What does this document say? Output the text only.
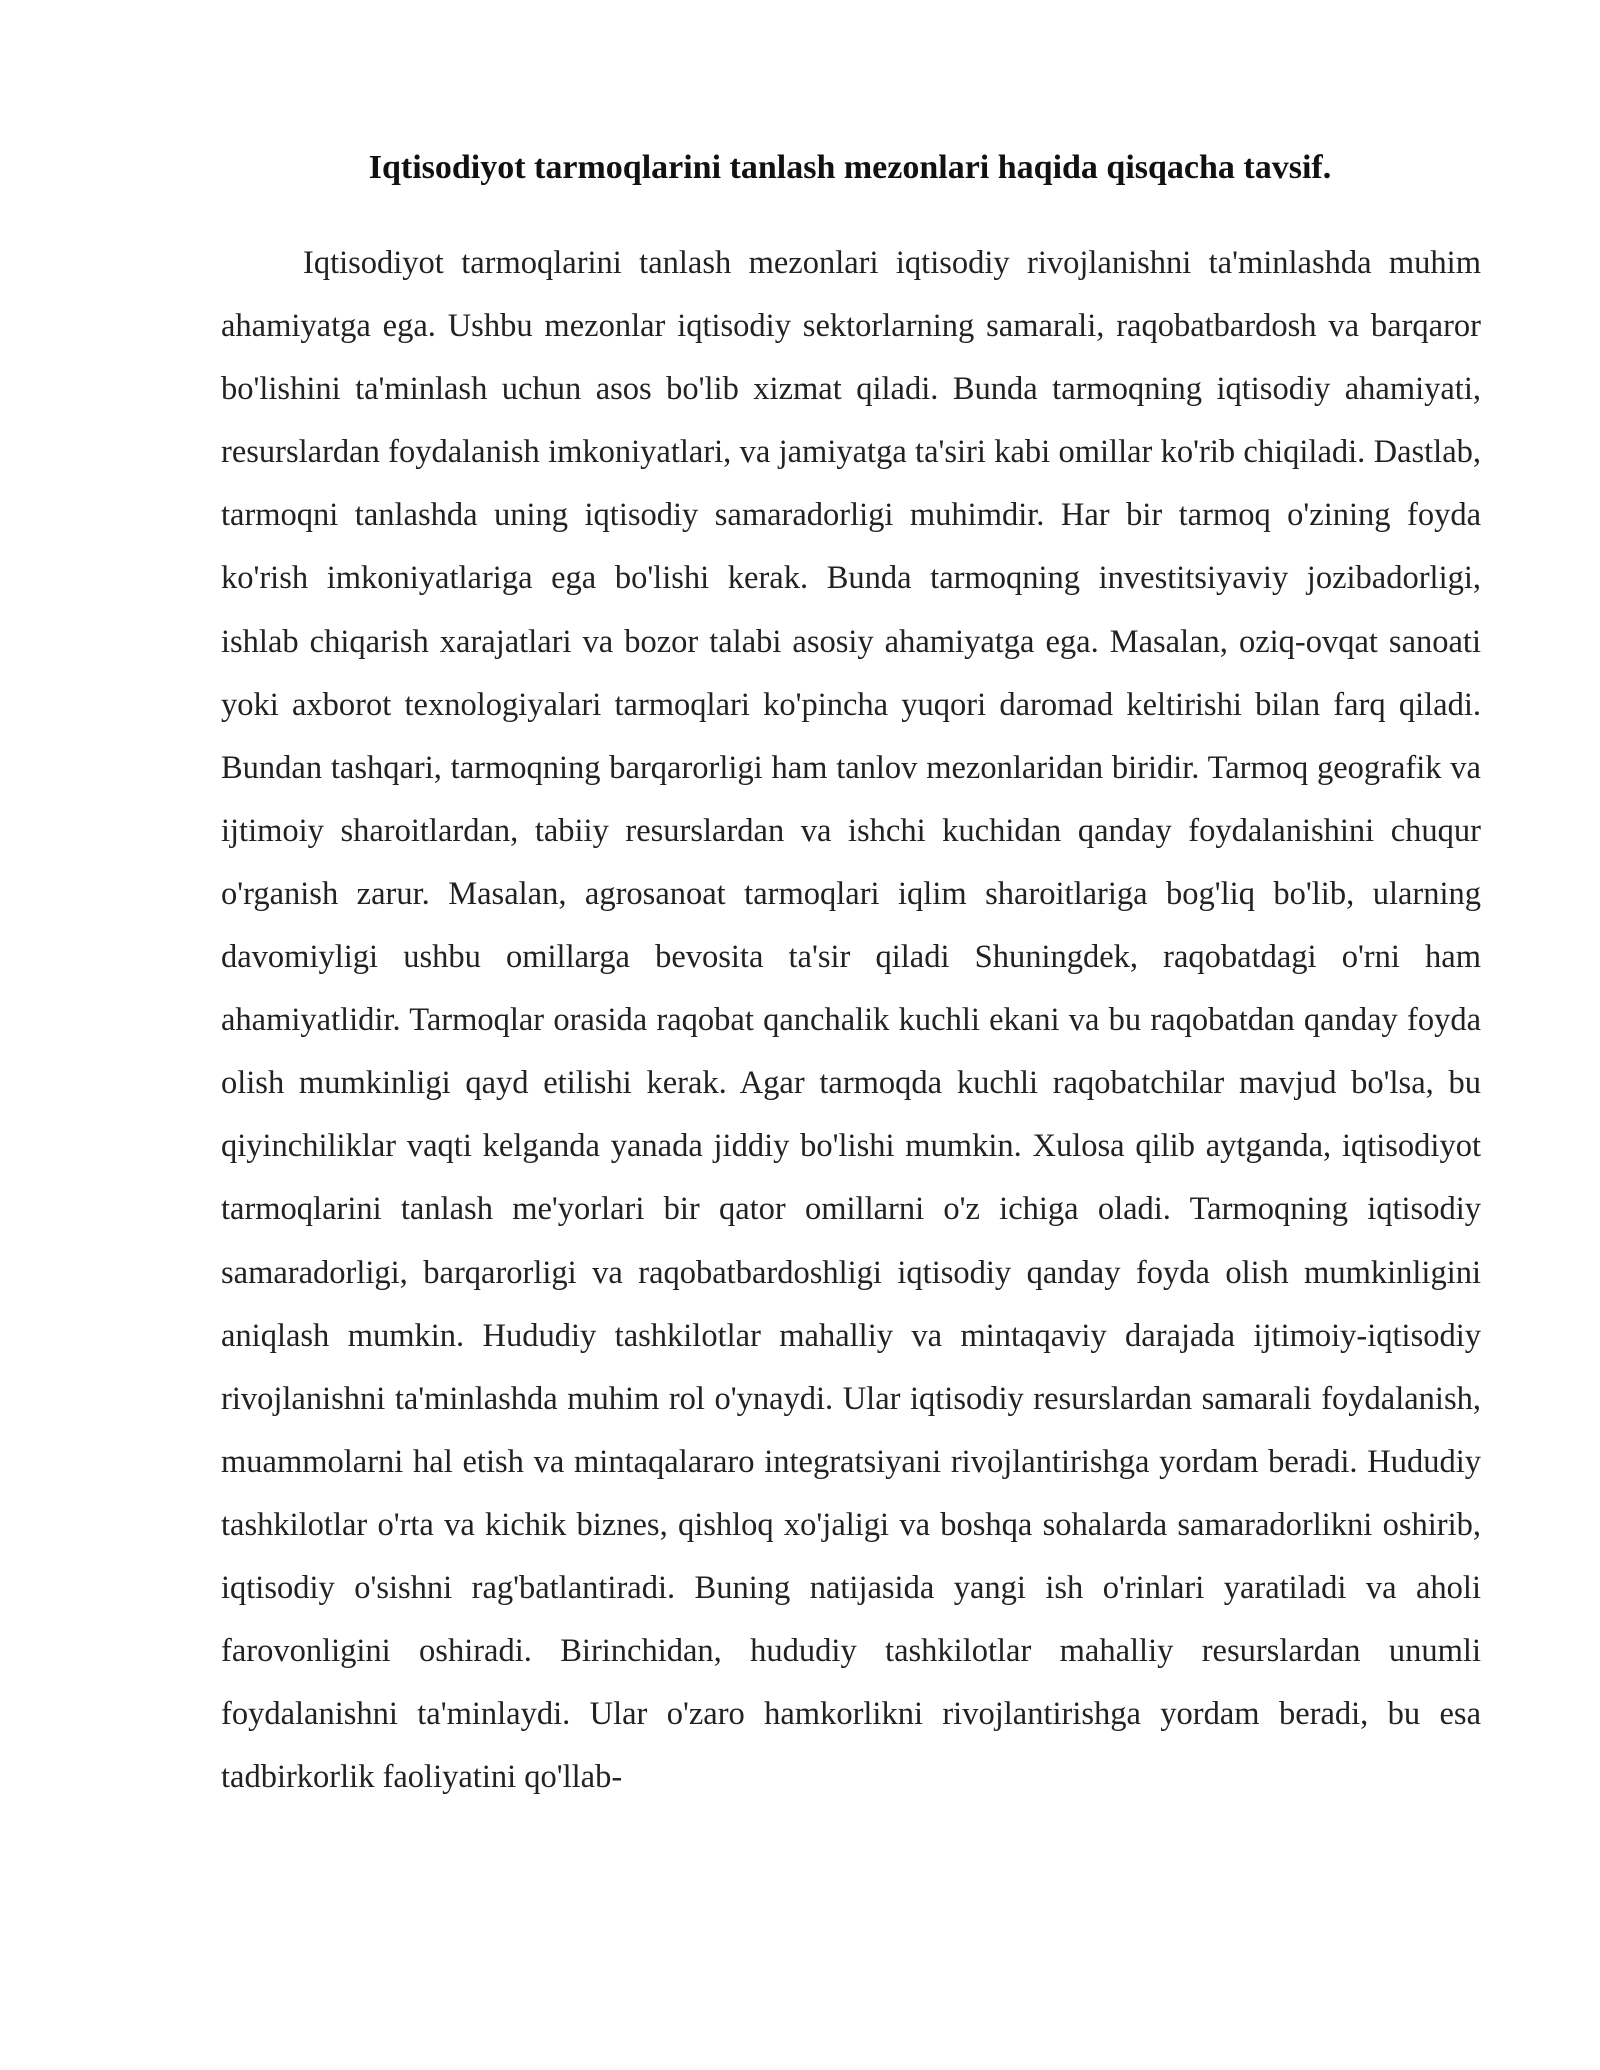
Iqtisodiyot tarmoqlarini tanlash mezonlari haqida qisqacha tavsif.

Iqtisodiyot tarmoqlarini tanlash mezonlari iqtisodiy rivojlanishni ta'minlashda muhim ahamiyatga ega. Ushbu mezonlar iqtisodiy sektorlarning samarali, raqobatbardosh va barqaror bo'lishini ta'minlash uchun asos bo'lib xizmat qiladi. Bunda tarmoqning iqtisodiy ahamiyati, resurslardan foydalanish imkoniyatlari, va jamiyatga ta'siri kabi omillar ko'rib chiqiladi. Dastlab, tarmoqni tanlashda uning iqtisodiy samaradorligi muhimdir. Har bir tarmoq o'zining foyda ko'rish imkoniyatlariga ega bo'lishi kerak. Bunda tarmoqning investitsiyaviy jozibadorligi, ishlab chiqarish xarajatlari va bozor talabi asosiy ahamiyatga ega. Masalan, oziq-ovqat sanoati yoki axborot texnologiyalari tarmoqlari ko'pincha yuqori daromad keltirishi bilan farq qiladi. Bundan tashqari, tarmoqning barqarorligi ham tanlov mezonlaridan biridir. Tarmoq geografik va ijtimoiy sharoitlardan, tabiiy resurslardan va ishchi kuchidan qanday foydalanishini chuqur o'rganish zarur. Masalan, agrosanoat tarmoqlari iqlim sharoitlariga bog'liq bo'lib, ularning davomiyligi ushbu omillarga bevosita ta'sir qiladi Shuningdek, raqobatdagi o'rni ham ahamiyatlidir. Tarmoqlar orasida raqobat qanchalik kuchli ekani va bu raqobatdan qanday foyda olish mumkinligi qayd etilishi kerak. Agar tarmoqda kuchli raqobatchilar mavjud bo'lsa, bu qiyinchiliklar vaqti kelganda yanada jiddiy bo'lishi mumkin. Xulosa qilib aytganda, iqtisodiyot tarmoqlarini tanlash me'yorlari bir qator omillarni o'z ichiga oladi. Tarmoqning iqtisodiy samaradorligi, barqarorligi va raqobatbardoshligi iqtisodiy qanday foyda olish mumkinligini aniqlash mumkin. Hududiy tashkilotlar mahalliy va mintaqaviy darajada ijtimoiy-iqtisodiy rivojlanishni ta'minlashda muhim rol o'ynaydi. Ular iqtisodiy resurslardan samarali foydalanish, muammolarni hal etish va mintaqalararo integratsiyani rivojlantirishga yordam beradi. Hududiy tashkilotlar o'rta va kichik biznes, qishloq xo'jaligi va boshqa sohalarda samaradorlikni oshirib, iqtisodiy o'sishni rag'batlantiradi. Buning natijasida yangi ish o'rinlari yaratiladi va aholi farovonligini oshiradi. Birinchidan, hududiy tashkilotlar mahalliy resurslardan unumli foydalanishni ta'minlaydi. Ular o'zaro hamkorlikni rivojlantirishga yordam beradi, bu esa tadbirkorlik faoliyatini qo'llab-
